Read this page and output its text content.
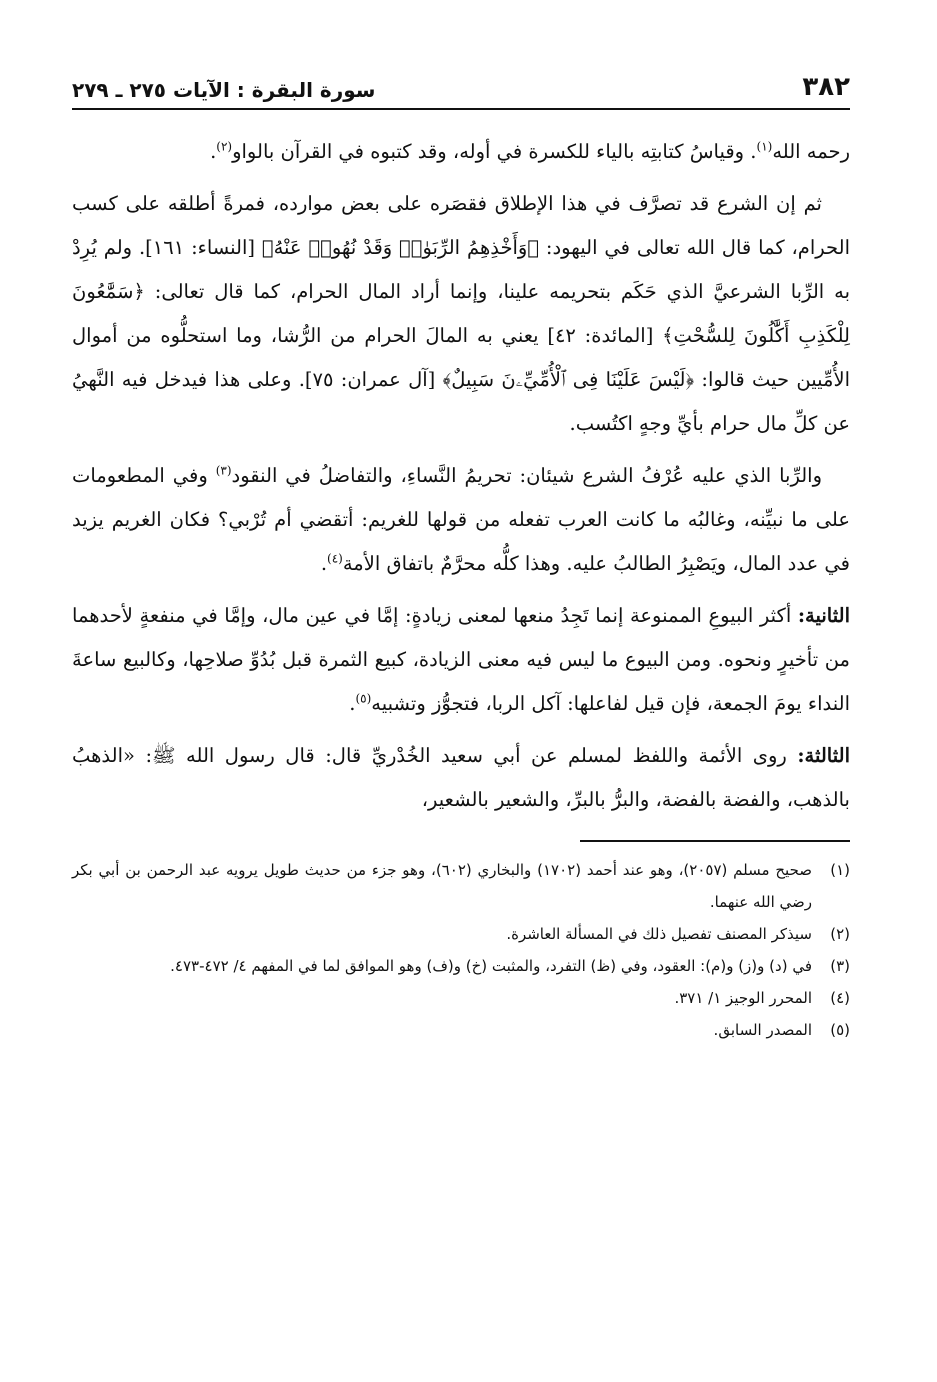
٣٨٢
سورة البقرة : الآيات ٢٧٥ ـ ٢٧٩

رحمه الله$^{(١)}$. وقياسُ كتابتِه بالياء للكسرة في أوله، وقد كتبوه في القرآن بالواو$^{(٢)}$.

ثم إن الشرع قد تصرَّف في هذا الإطلاق فقصَره على بعض موارده، فمرةً أطلقه على كسب الحرام، كما قال الله تعالى في اليهود: ﴿وَأَخْذِهِمُ الرِّبَوٰا۟ وَقَدْ نُهُوا۟ عَنْهُ﴾ [النساء: ١٦١]. ولم يُرِدْ به الرِّبا الشرعيَّ الذي حَكَم بتحريمه علينا، وإنما أراد المال الحرام، كما قال تعالى: ﴿سَمَّٰعُونَ لِلْكَذِبِ أَكَّٰلُونَ لِلسُّحْتِ﴾ [المائدة: ٤٢] يعني به المالَ الحرام من الرُّشا، وما استحلُّوه من أموال الأُمِّيين حيث قالوا: ﴿لَيْسَ عَلَيْنَا فِى ٱلْأُمِّيِّۦنَ سَبِيلٌ﴾ [آل عمران: ٧٥]. وعلى هذا فيدخل فيه النَّهيُ عن كلِّ مال حرام بأيِّ وجهٍ اكتُسب.

والرِّبا الذي عليه عُرْفُ الشرع شيئان: تحريمُ النَّساءِ، والتفاضلُ في النقود$^{(٣)}$ وفي المطعومات على ما نبيِّنه، وغالبُه ما كانت العرب تفعله من قولها للغريم: أتقضي أم تُرْبي؟ فكان الغريم يزيد في عدد المال، ويَصْبِرُ الطالبُ عليه. وهذا كلُّه محرَّمٌ باتفاق الأمة$^{(٤)}$.

الثانية: أكثر البيوعِ الممنوعة إنما تَجِدُ منعها لمعنى زيادةٍ: إمَّا في عين مال، وإمَّا في منفعةٍ لأحدهما من تأخيرٍ ونحوه. ومن البيوع ما ليس فيه معنى الزيادة، كبيع الثمرة قبل بُدُوِّ صلاحِها، وكالبيع ساعةَ النداء يومَ الجمعة، فإن قيل لفاعلها: آكل الربا، فتجوُّز وتشبيه$^{(٥)}$.

الثالثة: روى الأئمة واللفظ لمسلم عن أبي سعيد الخُدْريِّ قال: قال رسول الله ﷺ: «الذهبُ بالذهب، والفضة بالفضة، والبرُّ بالبرِّ، والشعير بالشعير،

(١)
صحيح مسلم (٢٠٥٧)، وهو عند أحمد (١٧٠٢) والبخاري (٦٠٢)، وهو جزء من حديث طويل يرويه عبد الرحمن بن أبي بكر رضي الله عنهما.
(٢)
سيذكر المصنف تفصيل ذلك في المسألة العاشرة.
(٣)
في (د) و(ز) و(م): العقود، وفي (ظ) التفرد، والمثبت (خ) و(ف) وهو الموافق لما في المفهم ٤/ ٤٧٢-٤٧٣.
(٤)
المحرر الوجيز ١/ ٣٧١.
(٥)
المصدر السابق.
